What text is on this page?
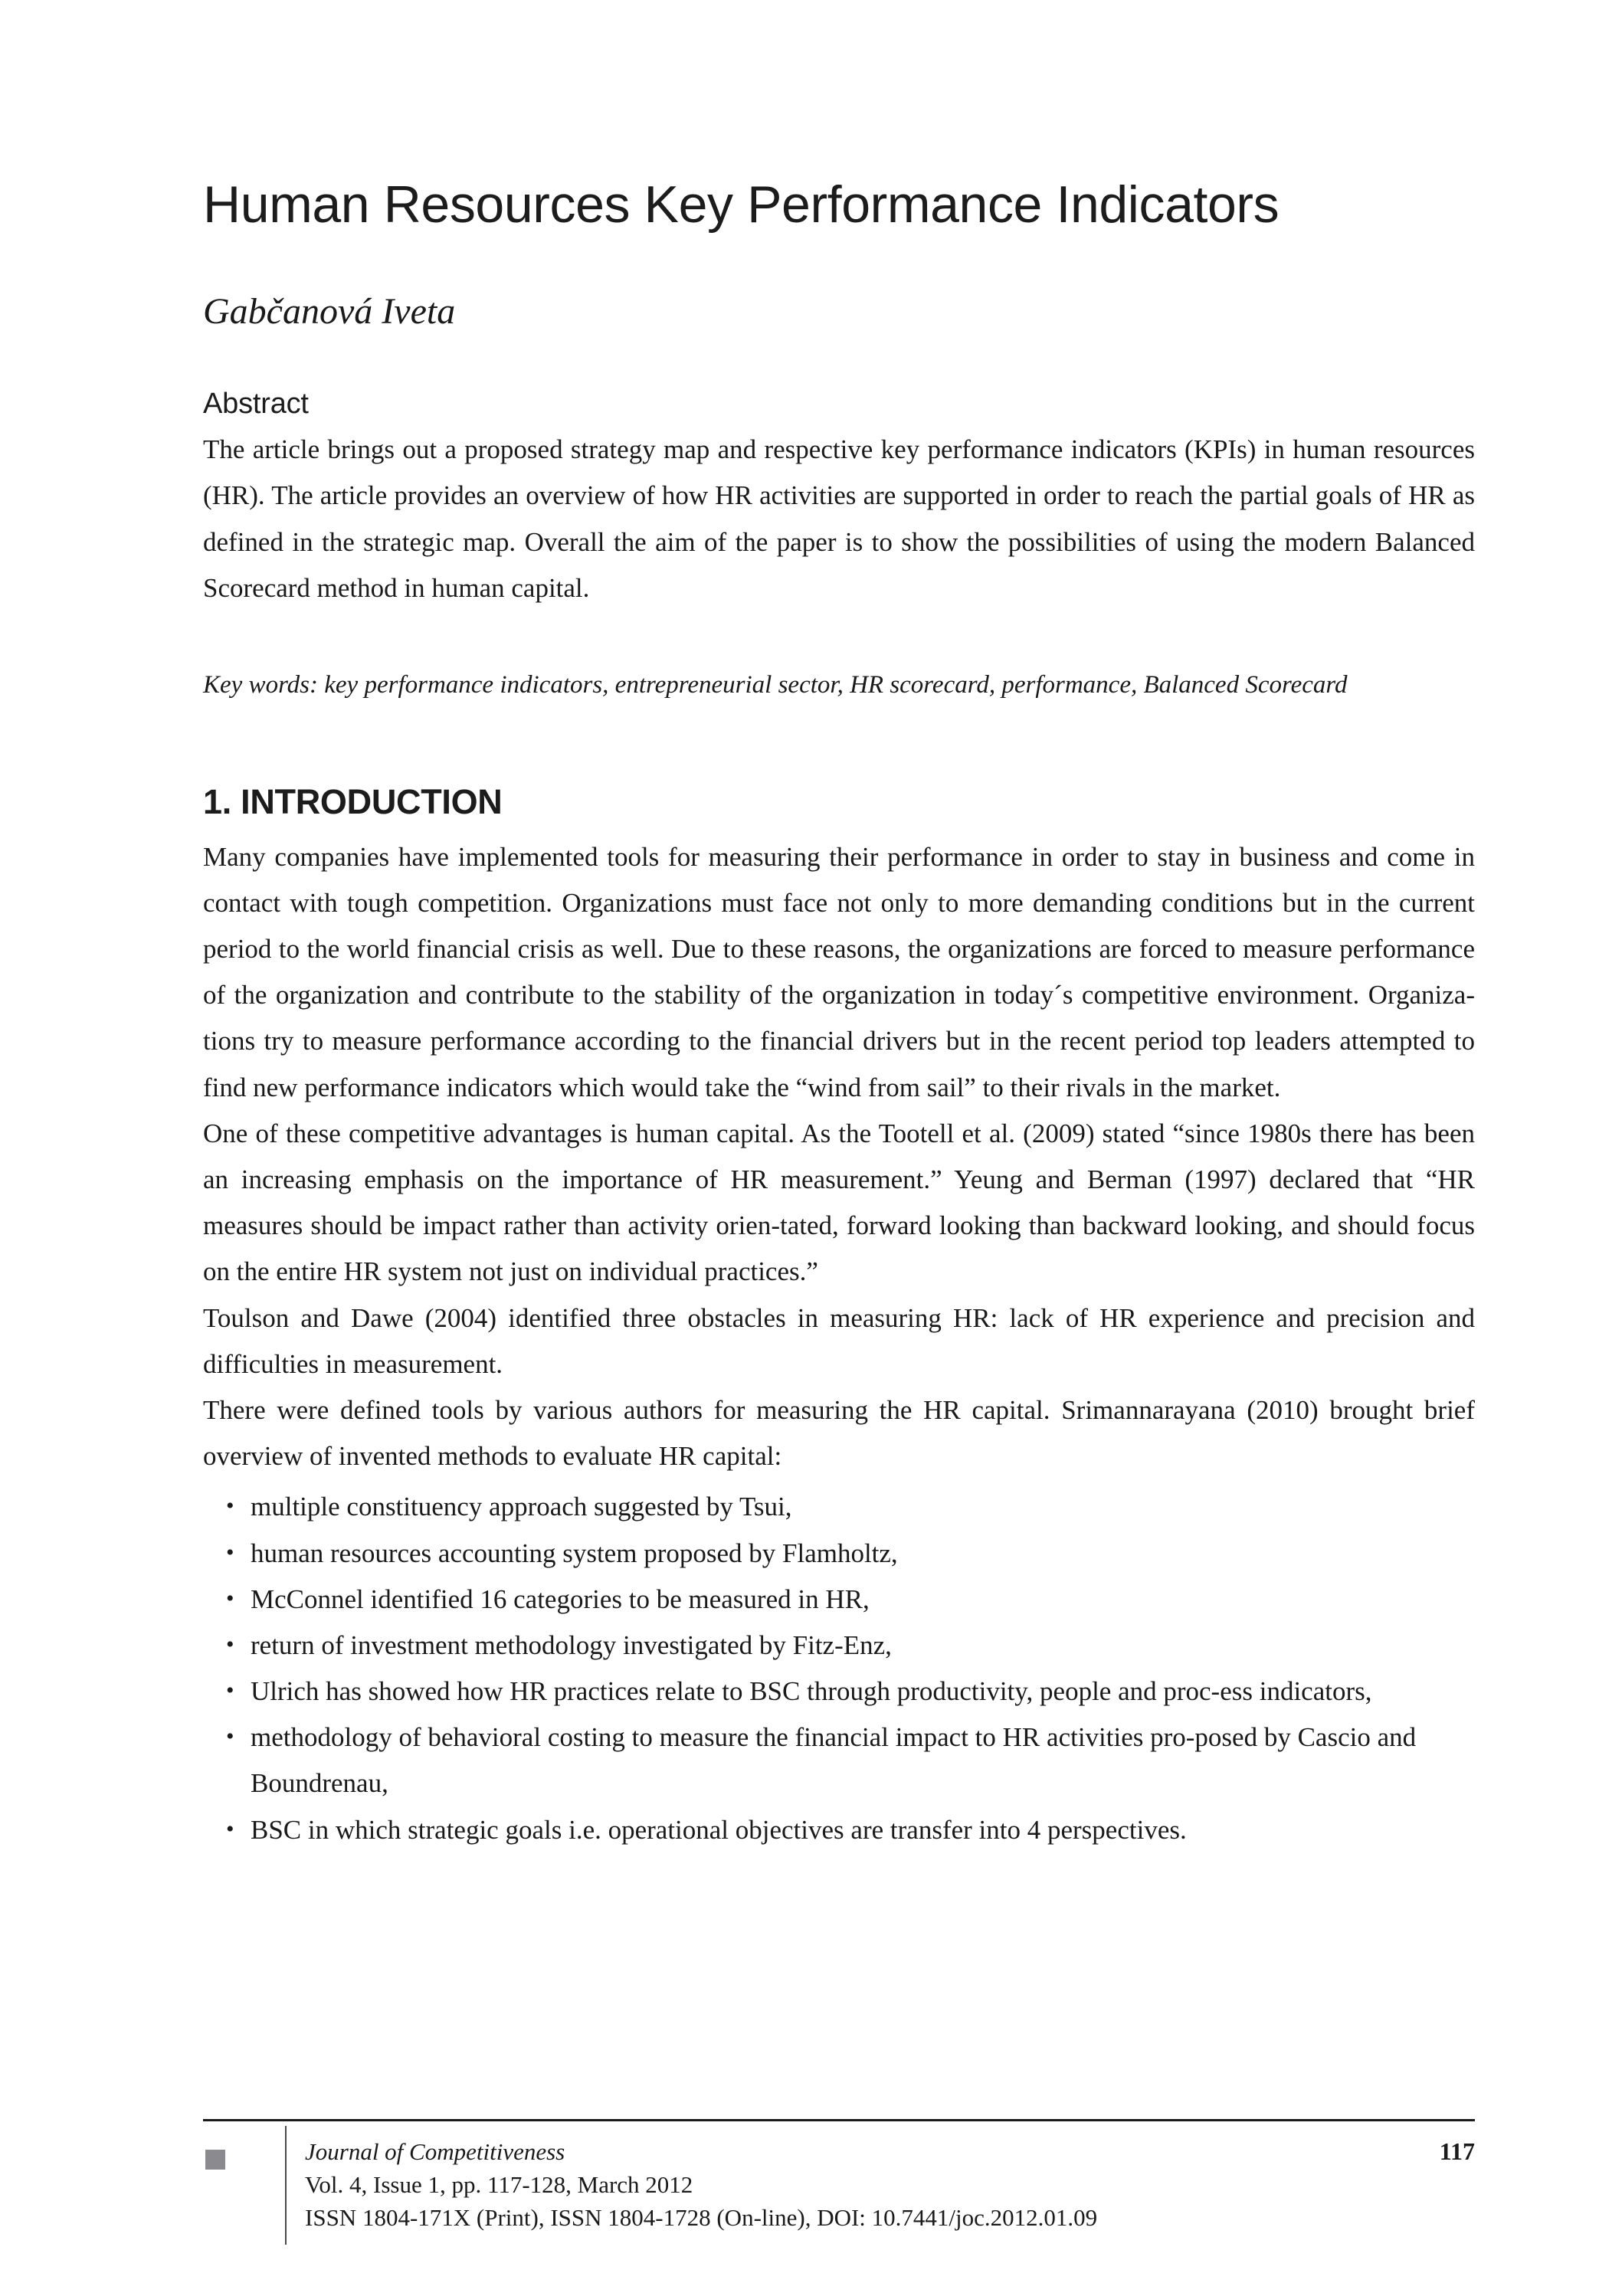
Human Resources Key Performance Indicators
Gabčanová Iveta
Abstract

The article brings out a proposed strategy map and respective key performance indicators (KPIs) in human resources (HR). The article provides an overview of how HR activities are supported in order to reach the partial goals of HR as defined in the strategic map. Overall the aim of the paper is to show the possibilities of using the modern Balanced Scorecard method in human capital.

Key words: key performance indicators, entrepreneurial sector, HR scorecard, performance, Balanced Scorecard
1. INTRODUCTION

Many companies have implemented tools for measuring their performance in order to stay in business and come in contact with tough competition. Organizations must face not only to more demanding conditions but in the current period to the world financial crisis as well. Due to these reasons, the organizations are forced to measure performance of the organization and contribute to the stability of the organization in today´s competitive environment. Organiza-tions try to measure performance according to the financial drivers but in the recent period top leaders attempted to find new performance indicators which would take the “wind from sail” to their rivals in the market.

One of these competitive advantages is human capital. As the Tootell et al. (2009) stated “since 1980s there has been an increasing emphasis on the importance of HR measurement.” Yeung and Berman (1997) declared that “HR measures should be impact rather than activity orien-tated, forward looking than backward looking, and should focus on the entire HR system not just on individual practices.”

Toulson and Dawe (2004) identified three obstacles in measuring HR: lack of HR experience and precision and difficulties in measurement.

There were defined tools by various authors for measuring the HR capital. Srimannarayana (2010) brought brief overview of invented methods to evaluate HR capital:

• multiple constituency approach suggested by Tsui,
• human resources accounting system proposed by Flamholtz,
• McConnel identified 16 categories to be measured in HR,
• return of investment methodology investigated by Fitz-Enz,
• Ulrich has showed how HR practices relate to BSC through productivity, people and proc-ess indicators,
• methodology of behavioral costing to measure the financial impact to HR activities pro-posed by Cascio and Boundrenau,
• BSC in which strategic goals i.e. operational objectives are transfer into 4 perspectives.
Journal of Competitiveness
Vol. 4, Issue 1, pp. 117-128, March 2012
ISSN 1804-171X (Print), ISSN 1804-1728 (On-line), DOI: 10.7441/joc.2012.01.09
117
